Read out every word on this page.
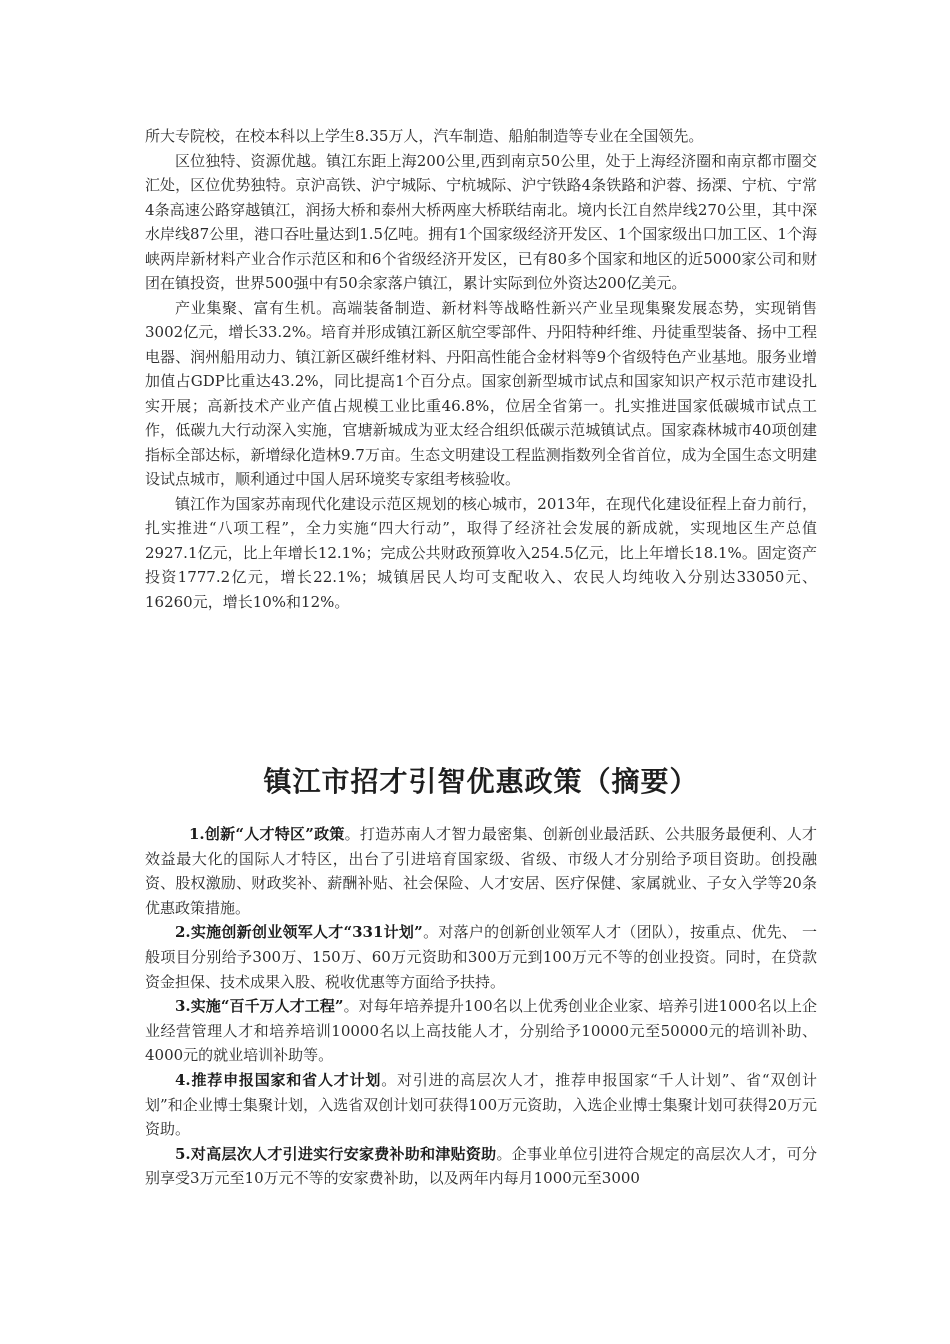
所大专院校，在校本科以上学生8.35万人，汽车制造、船舶制造等专业在全国领先。

区位独特、资源优越。镇江东距上海200公里,西到南京50公里，处于上海经济圈和南京都市圈交汇处，区位优势独特。京沪高铁、沪宁城际、宁杭城际、沪宁铁路4条铁路和沪蓉、扬溧、宁杭、宁常4条高速公路穿越镇江，润扬大桥和泰州大桥两座大桥联结南北。境内长江自然岸线270公里，其中深水岸线87公里，港口吞吐量达到1.5亿吨。拥有1个国家级经济开发区、1个国家级出口加工区、1个海峡两岸新材料产业合作示范区和和6个省级经济开发区，已有80多个国家和地区的近5000家公司和财团在镇投资，世界500强中有50余家落户镇江，累计实际到位外资达200亿美元。

产业集聚、富有生机。高端装备制造、新材料等战略性新兴产业呈现集聚发展态势，实现销售3002亿元，增长33.2%。培育并形成镇江新区航空零部件、丹阳特种纤维、丹徒重型装备、扬中工程电器、润州船用动力、镇江新区碳纤维材料、丹阳高性能合金材料等9个省级特色产业基地。服务业增加值占GDP比重达43.2%，同比提高1个百分点。国家创新型城市试点和国家知识产权示范市建设扎实开展；高新技术产业产值占规模工业比重46.8%，位居全省第一。扎实推进国家低碳城市试点工作，低碳九大行动深入实施，官塘新城成为亚太经合组织低碳示范城镇试点。国家森林城市40项创建指标全部达标，新增绿化造林9.7万亩。生态文明建设工程监测指数列全省首位，成为全国生态文明建设试点城市，顺利通过中国人居环境奖专家组考核验收。

镇江作为国家苏南现代化建设示范区规划的核心城市，2013年，在现代化建设征程上奋力前行，扎实推进“八项工程”，全力实施“四大行动”，取得了经济社会发展的新成就，实现地区生产总值2927.1亿元，比上年增长12.1%；完成公共财政预算收入254.5亿元，比上年增长18.1%。固定资产投资1777.2亿元，增长22.1%；城镇居民人均可支配收入、农民人均纯收入分别达33050元、16260元，增长10%和12%。

镇江市招才引智优惠政策（摘要）

1.创新“人才特区”政策。打造苏南人才智力最密集、创新创业最活跃、公共服务最便利、人才效益最大化的国际人才特区，出台了引进培育国家级、省级、市级人才分别给予项目资助。创投融资、股权激励、财政奖补、薪酬补贴、社会保险、人才安居、医疗保健、家属就业、子女入学等20条优惠政策措施。

2.实施创新创业领军人才“331计划”。对落户的创新创业领军人才（团队），按重点、优先、 一般项目分别给予300万、150万、60万元资助和300万元到100万元不等的创业投资。同时，在贷款资金担保、技术成果入股、税收优惠等方面给予扶持。

3.实施“百千万人才工程”。对每年培养提升100名以上优秀创业企业家、培养引进1000名以上企业经营管理人才和培养培训10000名以上高技能人才，分别给予10000元至50000元的培训补助、4000元的就业培训补助等。

4.推荐申报国家和省人才计划。对引进的高层次人才，推荐申报国家“千人计划”、省“双创计划”和企业博士集聚计划，入选省双创计划可获得100万元资助，入选企业博士集聚计划可获得20万元资助。

5.对高层次人才引进实行安家费补助和津贴资助。企事业单位引进符合规定的高层次人才，可分别享受3万元至10万元不等的安家费补助，以及两年内每月1000元至3000
